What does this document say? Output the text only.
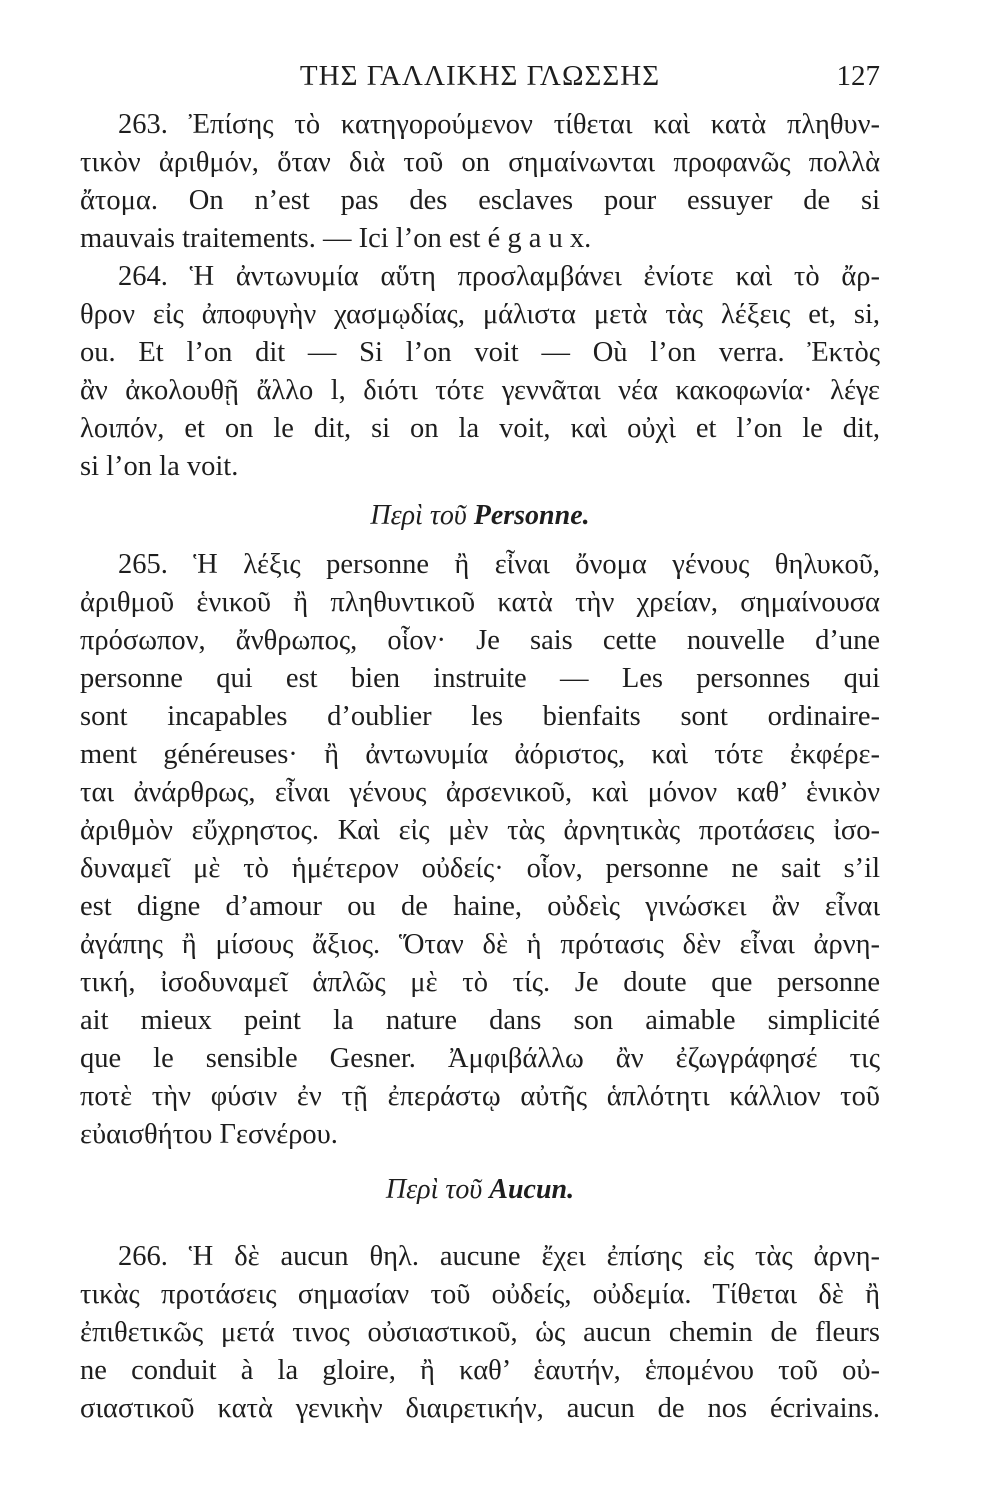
ΤΗΣ ΓΑΛΛΙΚΗΣ ΓΛΩΣΣΗΣ	127
263. Ἐπίσης τὸ κατηγορούμενον τίθεται καὶ κατὰ πληθυν-
τικὸν ἀριθμόν, ὅταν διὰ τοῦ on σημαίνωνται προφανῶς πολλὰ
ἄτομα. On n’est pas des esclaves pour essuyer de si
mauvais traitements. — Ici l’on est é g a u x.
264. Ἡ ἀντωνυμία αὕτη προσλαμβάνει ἐνίοτε καὶ τὸ ἄρ-
θρον εἰς ἀποφυγὴν χασμῳδίας, μάλιστα μετὰ τὰς λέξεις et, si,
ou. Et l’on dit — Si l’on voit — Où l’on verra. Ἐκτὸς
ἂν ἀκολουθῇ ἄλλο l, διότι τότε γεννᾶται νέα κακοφωνία· λέγε
λοιπόν, et on le dit, si on la voit, καὶ οὐχὶ et l’on le dit,
si l’on la voit.
Περὶ τοῦ Personne.
265. Ἡ λέξις personne ἢ εἶναι ὄνομα γένους θηλυκοῦ,
ἀριθμοῦ ἑνικοῦ ἢ πληθυντικοῦ κατὰ τὴν χρείαν, σημαίνουσα
πρόσωπον, ἄνθρωπος, οἷον· Je sais cette nouvelle d’une
personne qui est bien instruite — Les personnes qui
sont incapables d’oublier les bienfaits sont ordinaire-
ment généreuses· ἢ ἀντωνυμία ἀόριστος, καὶ τότε ἐκφέρε-
ται ἀνάρθρως, εἶναι γένους ἀρσενικοῦ, καὶ μόνον καθ’ ἑνικὸν
ἀριθμὸν εὔχρηστος. Καὶ εἰς μὲν τὰς ἀρνητικὰς προτάσεις ἰσο-
δυναμεῖ μὲ τὸ ἡμέτερον οὐδείς· οἷον, personne ne sait s’il
est digne d’amour ou de haine, οὐδεὶς γινώσκει ἂν εἶναι
ἀγάπης ἢ μίσους ἄξιος. Ὅταν δὲ ἡ πρότασις δὲν εἶναι ἀρνη-
τική, ἰσοδυναμεῖ ἁπλῶς μὲ τὸ τίς. Je doute que personne
ait mieux peint la nature dans son aimable simplicité
que le sensible Gesner. Ἀμφιβάλλω ἂν ἐζωγράφησέ τις
ποτὲ τὴν φύσιν ἐν τῇ ἐπεράστῳ αὐτῆς ἁπλότητι κάλλιον τοῦ
εὐαισθήτου Γεσνέρου.
Περὶ τοῦ Aucun.
266. Ἡ δὲ aucun θηλ. aucune ἔχει ἐπίσης εἰς τὰς ἀρνη-
τικὰς προτάσεις σημασίαν τοῦ οὐδείς, οὐδεμία. Τίθεται δὲ ἢ
ἐπιθετικῶς μετά τινος οὐσιαστικοῦ, ὡς aucun chemin de fleurs
ne conduit à la gloire, ἢ καθ’ ἑαυτήν, ἑπομένου τοῦ οὐ-
σιαστικοῦ κατὰ γενικὴν διαιρετικήν, aucun de nos écrivains.
